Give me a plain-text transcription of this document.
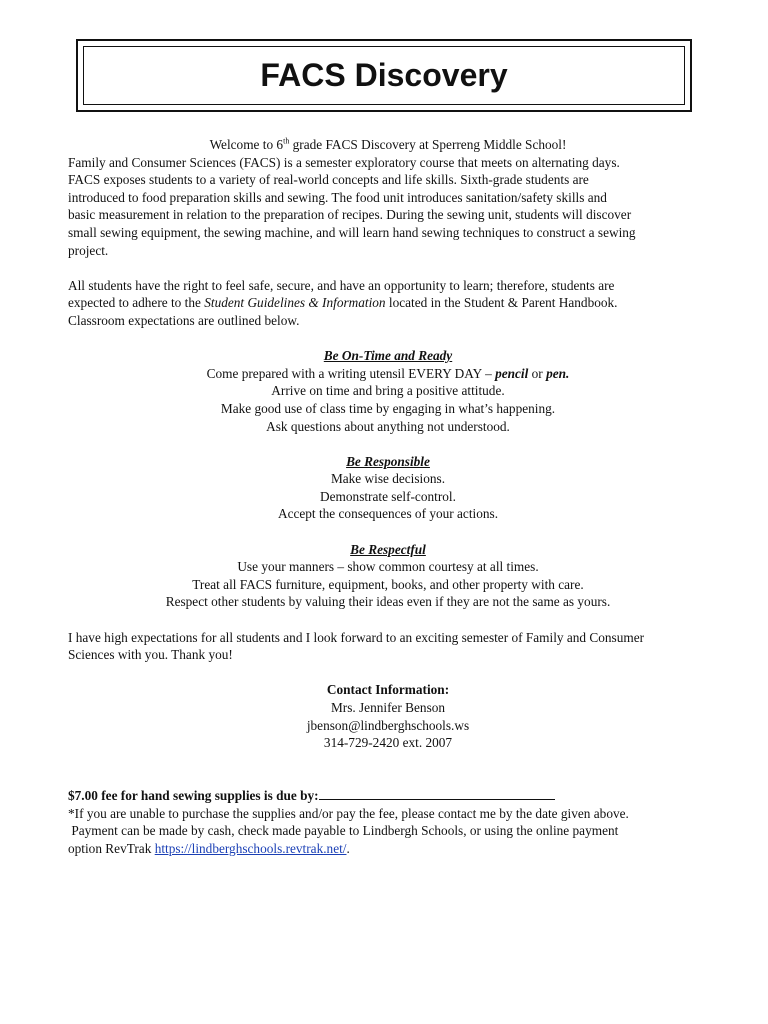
FACS Discovery

Welcome to 6th grade FACS Discovery at Sperreng Middle School!

Family and Consumer Sciences (FACS) is a semester exploratory course that meets on alternating days.

FACS exposes students to a variety of real-world concepts and life skills. Sixth-grade students are

introduced to food preparation skills and sewing. The food unit introduces sanitation/safety skills and

basic measurement in relation to the preparation of recipes. During the sewing unit, students will discover

small sewing equipment, the sewing machine, and will learn hand sewing techniques to construct a sewing

project.

All students have the right to feel safe, secure, and have an opportunity to learn; therefore, students are

expected to adhere to the Student Guidelines & Information located in the Student & Parent Handbook.

Classroom expectations are outlined below.

Be On-Time and Ready

Come prepared with a writing utensil EVERY DAY – pencil or pen.

Arrive on time and bring a positive attitude.

Make good use of class time by engaging in what’s happening.

Ask questions about anything not understood.

Be Responsible

Make wise decisions.

Demonstrate self-control.

Accept the consequences of your actions.

Be Respectful

Use your manners – show common courtesy at all times.

Treat all FACS furniture, equipment, books, and other property with care.

Respect other students by valuing their ideas even if they are not the same as yours.

I have high expectations for all students and I look forward to an exciting semester of Family and Consumer

Sciences with you. Thank you!

Contact Information:

Mrs. Jennifer Benson

jbenson@lindberghschools.ws

314-729-2420 ext. 2007

$7.00 fee for hand sewing supplies is due by:

*If you are unable to purchase the supplies and/or pay the fee, please contact me by the date given above.

Payment can be made by cash, check made payable to Lindbergh Schools, or using the online payment

option RevTrak https://lindberghschools.revtrak.net/.
